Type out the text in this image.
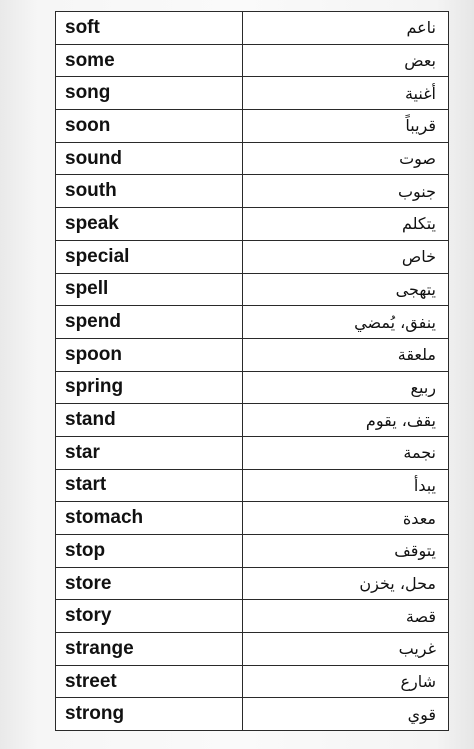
soft	ناعم
some	بعض
song	أغنية
soon	قريباً
sound	صوت
south	جنوب
speak	يتكلم
special	خاص
spell	يتهجى
spend	ينفق، يُمضي
spoon	ملعقة
spring	ربيع
stand	يقف، يقوم
star	نجمة
start	يبدأ
stomach	معدة
stop	يتوقف
store	محل، يخزن
story	قصة
strange	غريب
street	شارع
strong	قوي
